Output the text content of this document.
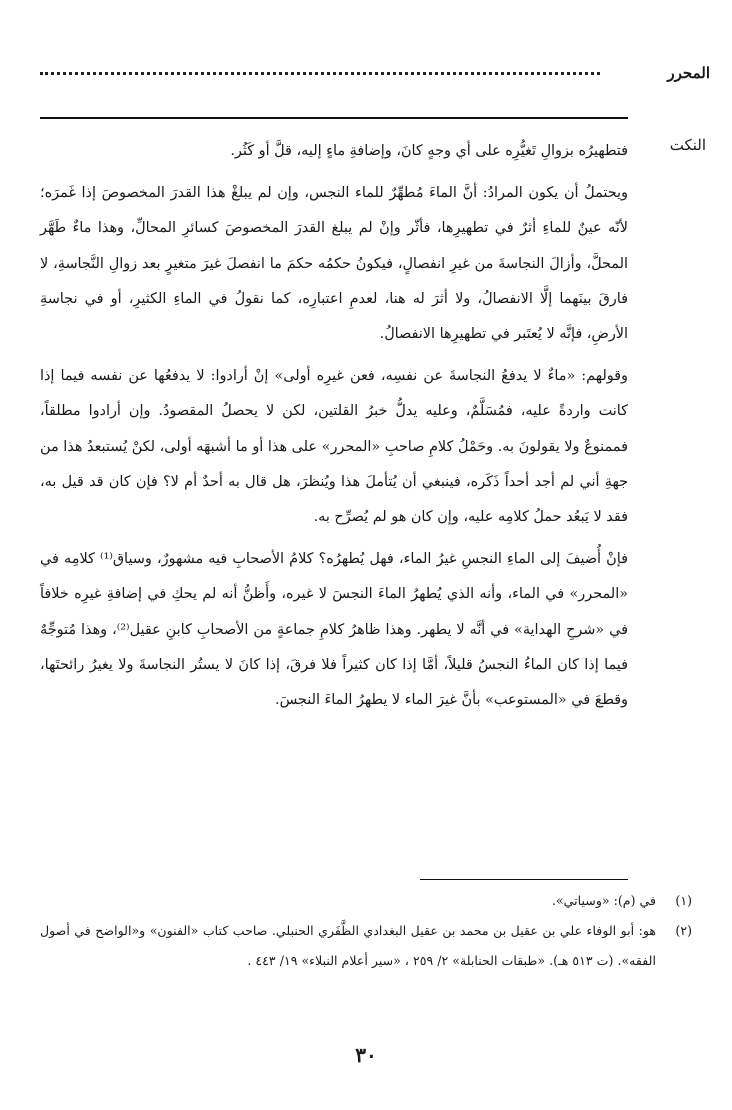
المحرر
النكت

فتطهيرُه بزوالِ تَغيُّرِه على أي وجهٍ كانَ، وإضافةِ ماءٍ إليه، قلَّ أو كَثُر.

ويحتملُ أن يكون المرادُ: أنَّ الماءَ مُطهِّرٌ للماء النجس، وإن لم يبلغْ هذا القدرَ المخصوصَ إذا غَمرَه؛ لأنّه عينٌ للماءِ أثرٌ في تطهيرِها، فأثّر وإنْ لم يبلغ القدرَ المخصوصَ كسائرِ المحالِّ، وهذا ماءٌ طَهَّر المحلَّ، وأزالَ النجاسةَ من غيرِ انفصالٍ، فيكونُ حكمُه حكمَ ما انفصلَ غيرَ متغيرٍ بعد زوالِ النَّجاسةِ، لا فارقَ بينَهما إلَّا الانفصالُ، ولا أثرَ له هنا، لعدمِ اعتبارِه، كما نقولُ في الماءِ الكثيرِ، أو في نجاسةِ الأرضِ، فإنَّه لا يُعتَبر في تطهيرِها الانفصالُ.

وقولهم: «ماءٌ لا يدفعُ النجاسةَ عن نفسِه، فعن غيرِه أولى» إنْ أرادوا: لا يدفعُها عن نفسه فيما إذا كانت واردةً عليه، فمُسَلَّمٌ، وعليه يدلُّ خبرُ القلتين، لكن لا يحصلُ المقصودُ. وإن أرادوا مطلقاً، فممنوعٌ ولا يقولونَ به. وحَمْلُ كلامِ صاحبِ «المحرر» على هذا أو ما أشبهَه أولى، لكنْ يُستبعدُ هذا من جهةِ أني لم أجد أحداً ذَكَره، فينبغي أن يُتأملَ هذا ويُنظرَ، هل قال به أحدٌ أم لا؟ فإن كان قد قيل به، فقد لا يَبعُد حملُ كلامِه عليه، وإن كان هو لم يُصرِّح به.

فإنْ أُضيفَ إلى الماءِ النجسِ غيرُ الماء، فهل يُطهرُه؟ كلامُ الأصحابِ فيه مشهورٌ، وسياق⁽¹⁾ كلامِه في «المحرر» في الماء، وأنه الذي يُطهرُ الماءَ النجسَ لا غيره، وأَظنُّ أنه لم يحكِ في إضافةِ غيرِه خلافاً في «شرحِ الهداية» في أنَّه لا يطهر. وهذا ظاهرُ كلامِ جماعةٍ من الأصحابِ كابنِ عقيل⁽²⁾، وهذا مُتوجِّهٌ فيما إذا كان الماءُ النجسُ قليلاً، أمَّا إذا كان كثيراً فلا فرقَ، إذا كانَ لا يستُر النجاسةَ ولا يغيرُ رائحتَها، وقطعَ في «المستوعب» بأنَّ غيرَ الماء لا يطهرُ الماءَ النجسَ.

(١)
في (م): «وسياتي».
(٢)
هو: أبو الوفاء علي بن عقيل بن محمد بن عقيل البغدادي الظَّفَري الحنبلي. صاحب كتاب «الفنون» و«الواضح في أصول الفقه». (ت ٥١٣ هـ). «طبقات الحنابلة» ٢/ ٢٥٩ ، «سير أعلام النبلاء» ١٩/ ٤٤٣ .
٣٠
